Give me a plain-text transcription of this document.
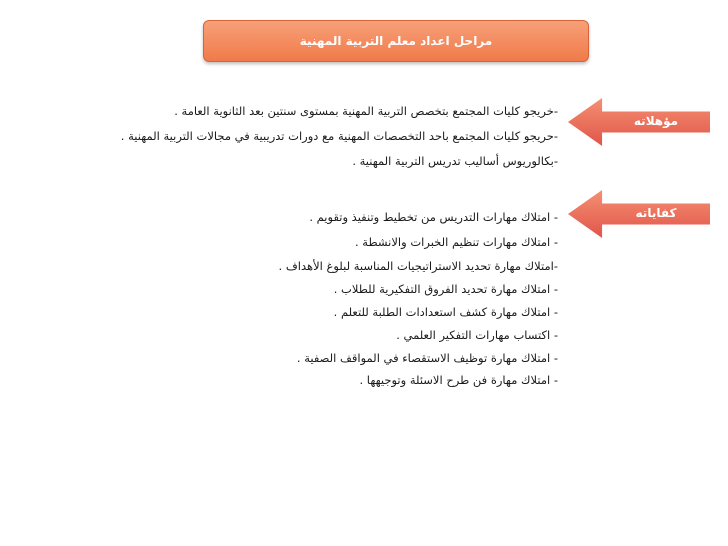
مراحل اعداد معلم التربية المهنية
مؤهلاته
كفاياته
-خريجو كليات المجتمع بتخصص التربية المهنية بمستوى سنتين بعد الثانوية العامة .
-حريجو كليات المجتمع باحد التخصصات المهنية مع دورات تدريبية في مجالات التربية المهنية .
-بكالوريوس أساليب تدريس التربية المهنية .
- امتلاك مهارات التدريس من تخطيط وتنفيذ وتقويم .
- امتلاك مهارات تنظيم الخبرات والانشطة .
-امتلاك مهارة تحديد الاستراتيجيات المناسبة لبلوغ الأهداف .
- امتلاك مهارة تحديد الفروق التفكيرية للطلاب .
- امتلاك مهارة كشف استعدادات الطلبة للتعلم .
- اكتساب مهارات التفكير العلمي .
- امتلاك مهارة توظيف الاستقصاء في المواقف الصفية .
- امتلاك مهارة فن طرح الاسئلة وتوجيهها .
